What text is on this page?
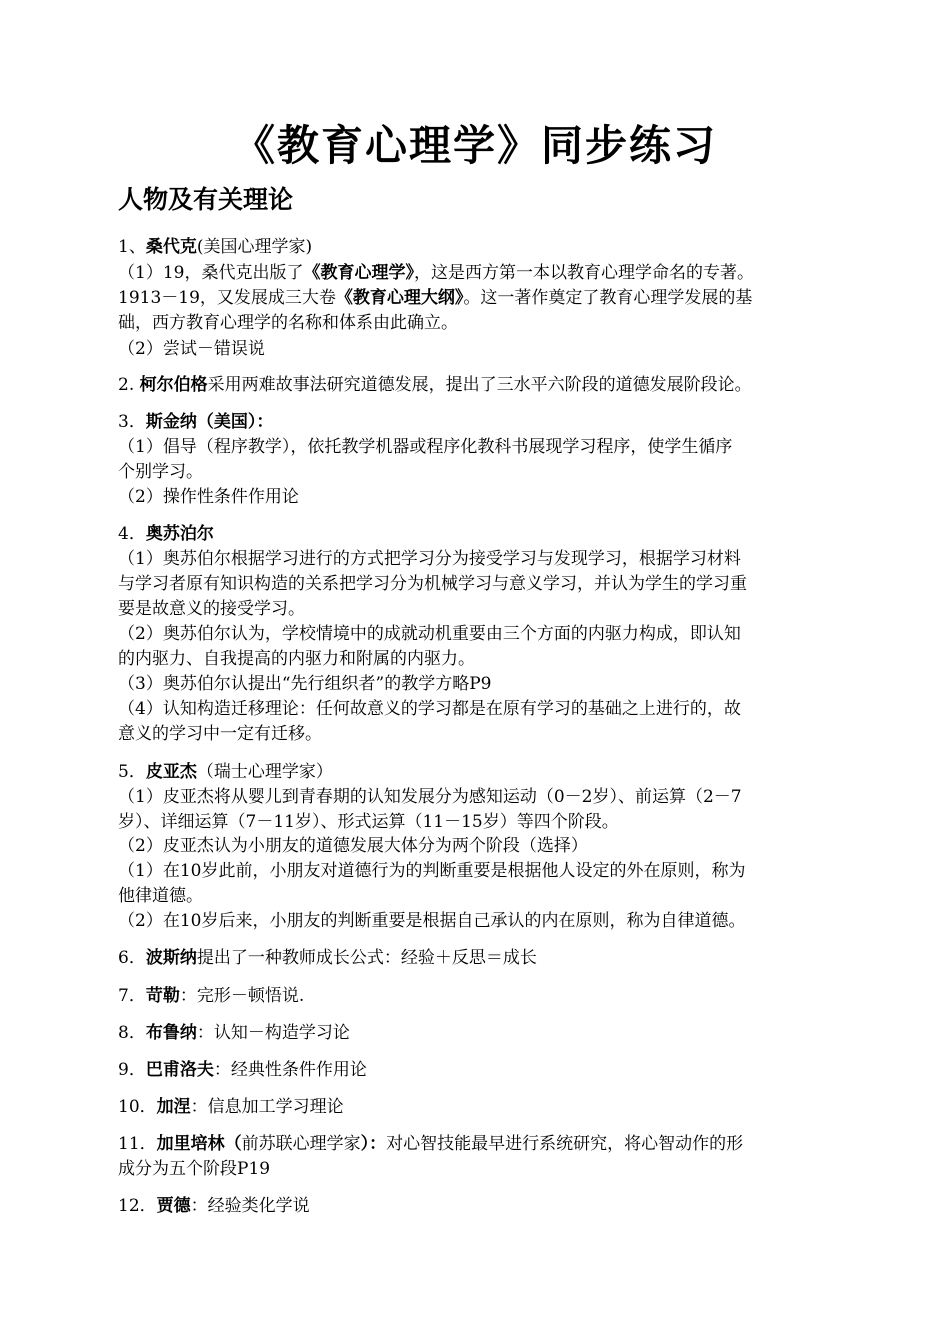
《教育心理学》同步练习
人物及有关理论
1、桑代克(美国心理学家)
（1）19，桑代克出版了《教育心理学》，这是西方第一本以教育心理学命名的专著。
1913－19，又发展成三大卷《教育心理大纲》。这一著作奠定了教育心理学发展的基
础，西方教育心理学的名称和体系由此确立。
（2）尝试－错误说
2. 柯尔伯格采用两难故事法研究道德发展，提出了三水平六阶段的道德发展阶段论。
3．斯金纳（美国）：
（1）倡导（程序教学），依托教学机器或程序化教科书展现学习程序，使学生循序
个别学习。
（2）操作性条件作用论
4．奥苏泊尔
（1）奥苏伯尔根据学习进行的方式把学习分为接受学习与发现学习，根据学习材料
与学习者原有知识构造的关系把学习分为机械学习与意义学习，并认为学生的学习重
要是故意义的接受学习。
（2）奥苏伯尔认为，学校情境中的成就动机重要由三个方面的内驱力构成，即认知
的内驱力、自我提高的内驱力和附属的内驱力。
（3）奥苏伯尔认提出“先行组织者”的教学方略P9
（4）认知构造迁移理论：任何故意义的学习都是在原有学习的基础之上进行的，故
意义的学习中一定有迁移。
5．皮亚杰（瑞士心理学家）
（1）皮亚杰将从婴儿到青春期的认知发展分为感知运动（0－2岁）、前运算（2－7
岁）、详细运算（7－11岁）、形式运算（11－15岁）等四个阶段。
（2）皮亚杰认为小朋友的道德发展大体分为两个阶段（选择）
（1）在10岁此前，小朋友对道德行为的判断重要是根据他人设定的外在原则，称为
他律道德。
（2）在10岁后来，小朋友的判断重要是根据自己承认的内在原则，称为自律道德。
6．波斯纳提出了一种教师成长公式：经验＋反思＝成长
7．苛勒：完形－顿悟说.
8．布鲁纳：认知－构造学习论
9．巴甫洛夫：经典性条件作用论
10．加涅：信息加工学习理论
11．加里培林（前苏联心理学家）：对心智技能最早进行系统研究，将心智动作的形
成分为五个阶段P19
12．贾德：经验类化学说
